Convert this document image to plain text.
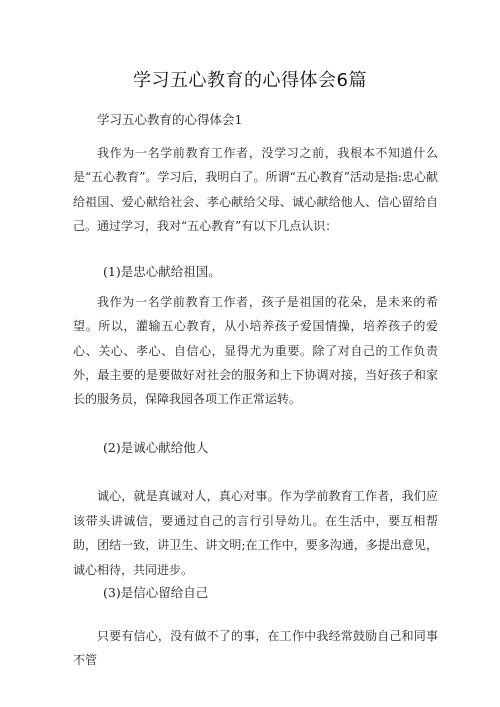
学习五心教育的心得体会6篇
学习五心教育的心得体会1
我作为一名学前教育工作者，没学习之前，我根本不知道什么是“五心教育”。学习后，我明白了。所谓“五心教育”活动是指:忠心献给祖国、爱心献给社会、孝心献给父母、诚心献给他人、信心留给自己。通过学习，我对“五心教育”有以下几点认识：
(1)是忠心献给祖国。
我作为一名学前教育工作者，孩子是祖国的花朵，是未来的希望。所以，灌输五心教育，从小培养孩子爱国情操，培养孩子的爱心、关心、孝心、自信心，显得尤为重要。除了对自己的工作负责外，最主要的是要做好对社会的服务和上下协调对接，当好孩子和家长的服务员，保障我园各项工作正常运转。
(2)是诚心献给他人
诚心，就是真诚对人，真心对事。作为学前教育工作者，我们应该带头讲诚信，要通过自己的言行引导幼儿。在生活中，要互相帮助，团结一致，讲卫生、讲文明;在工作中，要多沟通，多提出意见，诚心相待，共同进步。
(3)是信心留给自己
只要有信心，没有做不了的事，在工作中我经常鼓励自己和同事不管
